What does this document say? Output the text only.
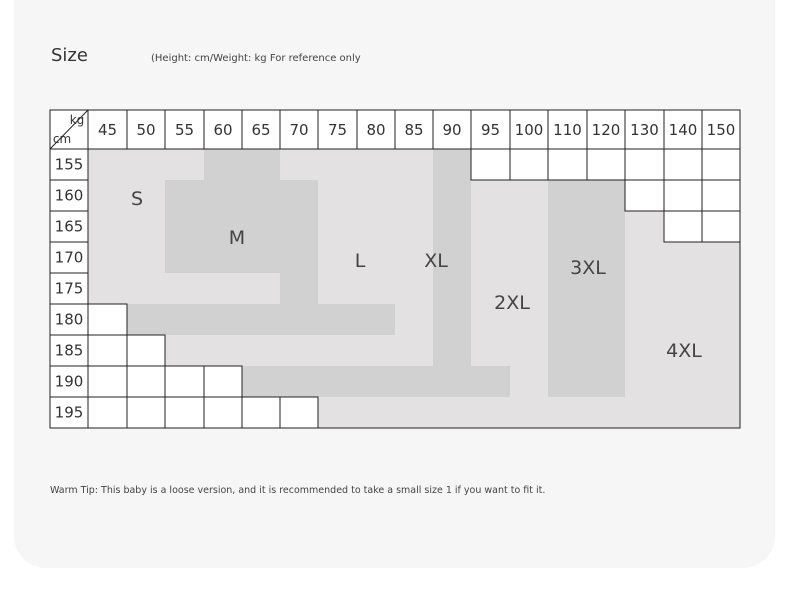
Size	(Height: cm/Weight: kg For reference only
45 50 55 60 65 70 75 80 85 90 95 100 110 120 130 140 150
155
160
165
170
175
180
185
190
195
kg
cm
S
M
L	XL
2XL
3XL
4XL
Warm Tip: This baby is a loose version, and it is recommended to take a small size 1 if you want to fit it.
